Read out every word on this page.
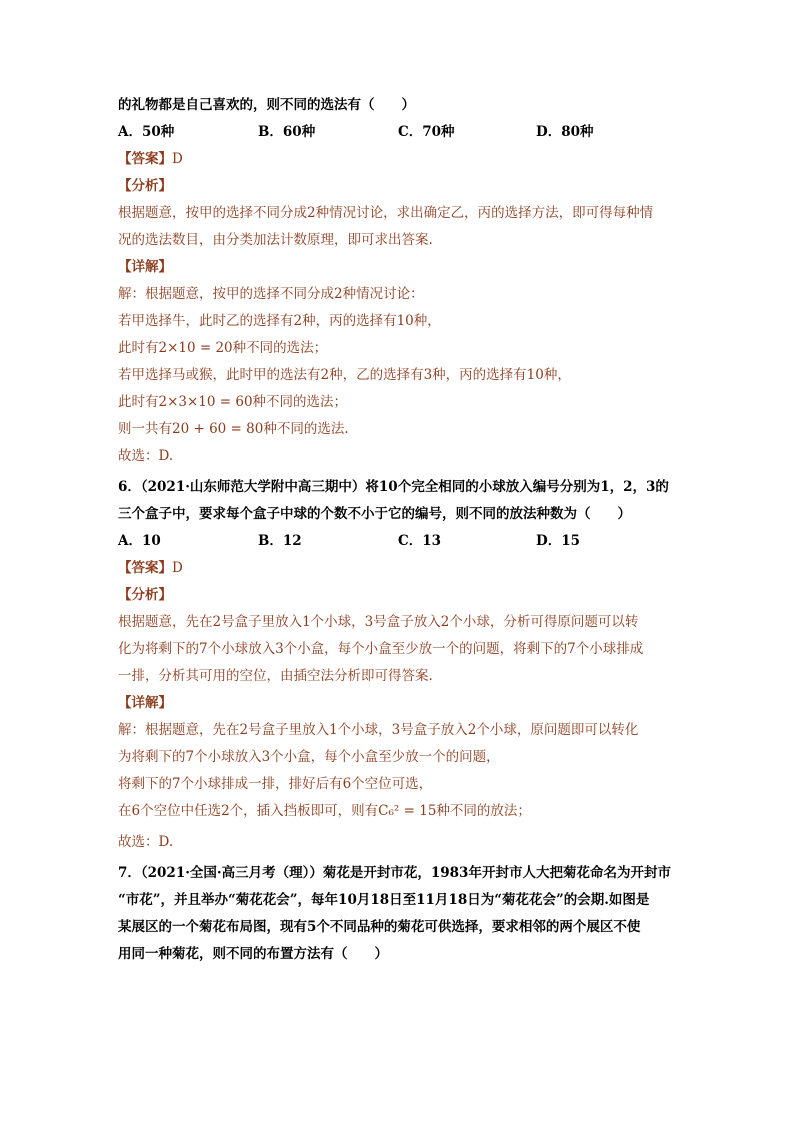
的礼物都是自己喜欢的，则不同的选法有（　　）
A．50种	B．60种	C．70种	D．80种
【答案】D
【分析】
根据题意，按甲的选择不同分成2种情况讨论，求出确定乙，丙的选择方法，即可得每种情
况的选法数目，由分类加法计数原理，即可求出答案.
【详解】
解：根据题意，按甲的选择不同分成2种情况讨论：
若甲选择牛，此时乙的选择有2种，丙的选择有10种，
此时有2×10 = 20种不同的选法；
若甲选择马或猴，此时甲的选法有2种，乙的选择有3种，丙的选择有10种，
此时有2×3×10 = 60种不同的选法；
则一共有20 + 60 = 80种不同的选法.
故选：D.
6．（2021·山东师范大学附中高三期中）将10个完全相同的小球放入编号分别为1，2，3的
三个盒子中，要求每个盒子中球的个数不小于它的编号，则不同的放法种数为（　　）
A．10	B．12	C．13	D．15
【答案】D
【分析】
根据题意，先在2号盒子里放入1个小球，3号盒子放入2个小球，分析可得原问题可以转
化为将剩下的7个小球放入3个小盒，每个小盒至少放一个的问题，将剩下的7个小球排成
一排，分析其可用的空位，由插空法分析即可得答案.
【详解】
解：根据题意，先在2号盒子里放入1个小球，3号盒子放入2个小球，原问题即可以转化
为将剩下的7个小球放入3个小盒，每个小盒至少放一个的问题，
将剩下的7个小球排成一排，排好后有6个空位可选，
在6个空位中任选2个，插入挡板即可，则有C₆² = 15种不同的放法；
故选：D.
7．（2021·全国·高三月考（理））菊花是开封市花，1983年开封市人大把菊花命名为开封市
“市花”，并且举办“菊花花会”，每年10月18日至11月18日为“菊花花会”的会期.如图是
某展区的一个菊花布局图，现有5个不同品种的菊花可供选择，要求相邻的两个展区不使
用同一种菊花，则不同的布置方法有（　　）
